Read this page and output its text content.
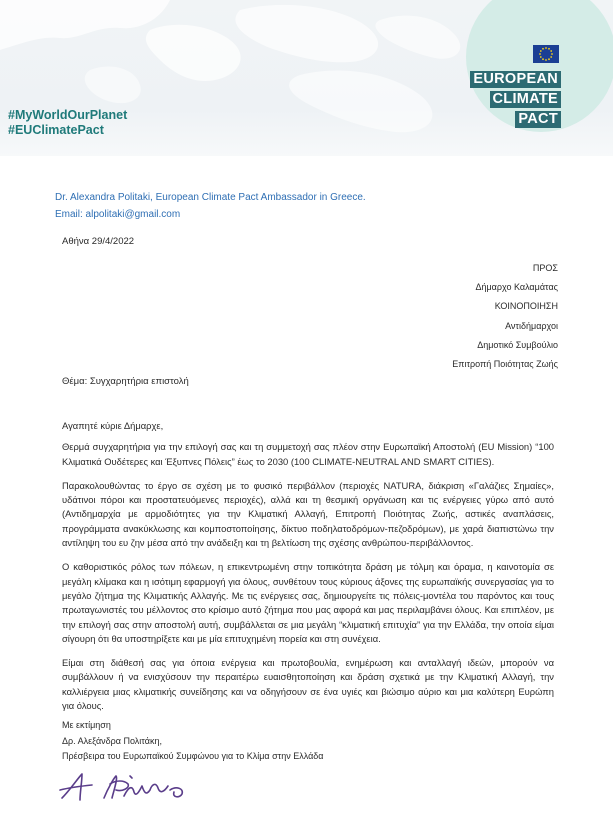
EUROPEAN
CLIMATE
PACT
#MyWorldOurPlanet
#EUClimatePact
Dr. Alexandra Politaki, European Climate Pact Ambassador in Greece.
Email: alpolitaki@gmail.com
Αθήνα 29/4/2022
ΠΡΟΣ
Δήμαρχο Καλαμάτας
ΚΟΙΝΟΠΟΙΗΣΗ
Αντιδήμαρχοι
Δημοτικό Συμβούλιο
Επιτροπή Ποιότητας Ζωής
Θέμα: Συγχαρητήρια επιστολή

Αγαπητέ κύριε Δήμαρχε,

Θερμά συγχαρητήρια για την επιλογή σας και τη συμμετοχή σας πλέον στην Ευρωπαϊκή Αποστολή (EU Mission) “100 Κλιματικά Ουδέτερες και Έξυπνες Πόλεις” έως το 2030 (100 CLIMATE-NEUTRAL AND SMART CITIES).

Παρακολουθώντας το έργο σε σχέση με το φυσικό περιβάλλον (περιοχές NATURA, διάκριση «Γαλάζιες Σημαίες», υδάτινοι πόροι και προστατευόμενες περιοχές), αλλά και τη θεσμική οργάνωση και τις ενέργειες γύρω από αυτό (Αντιδημαρχία με αρμοδιότητες για την Κλιματική Αλλαγή, Επιτροπή Ποιότητας Ζωής, αστικές αναπλάσεις, προγράμματα ανακύκλωσης και κομποστοποίησης, δίκτυο ποδηλατοδρόμων-πεζοδρόμων), με χαρά διαπιστώνω την αντίληψη του ευ ζην μέσα από την ανάδειξη και τη βελτίωση της σχέσης ανθρώπου-περιβάλλοντος.

Ο καθοριστικός ρόλος των πόλεων, η επικεντρωμένη στην τοπικότητα δράση με τόλμη και όραμα, η καινοτομία σε μεγάλη κλίμακα και η ισότιμη εφαρμογή για όλους, συνθέτουν τους κύριους άξονες της ευρωπαϊκής συνεργασίας για το μεγάλο ζήτημα της Κλιματικής Αλλαγής. Με τις ενέργειες σας, δημιουργείτε τις πόλεις-μοντέλα του παρόντος και τους πρωταγωνιστές του μέλλοντος στο κρίσιμο αυτό ζήτημα που μας αφορά και μας περιλαμβάνει όλους. Και επιπλέον, με την επιλογή σας στην αποστολή αυτή, συμβάλλεται σε μια μεγάλη “κλιματική επιτυχία” για την Ελλάδα, την οποία είμαι σίγουρη ότι θα υποστηρίξετε και με μία επιτυχημένη πορεία και στη συνέχεια.

Είμαι στη διάθεσή σας για όποια ενέργεια και πρωτοβουλία, ενημέρωση και ανταλλαγή ιδεών, μπορούν να συμβάλλουν ή να ενισχύσουν την περαιτέρω ευαισθητοποίηση και δράση σχετικά με την Κλιματική Αλλαγή, την καλλιέργεια μιας κλιματικής συνείδησης και να οδηγήσουν σε ένα υγιές και βιώσιμο αύριο και μια καλύτερη Ευρώπη για όλους.

Με εκτίμηση
Δρ. Αλεξάνδρα Πολιτάκη,
Πρέσβειρα του Ευρωπαϊκού Συμφώνου για το Κλίμα στην Ελλάδα
